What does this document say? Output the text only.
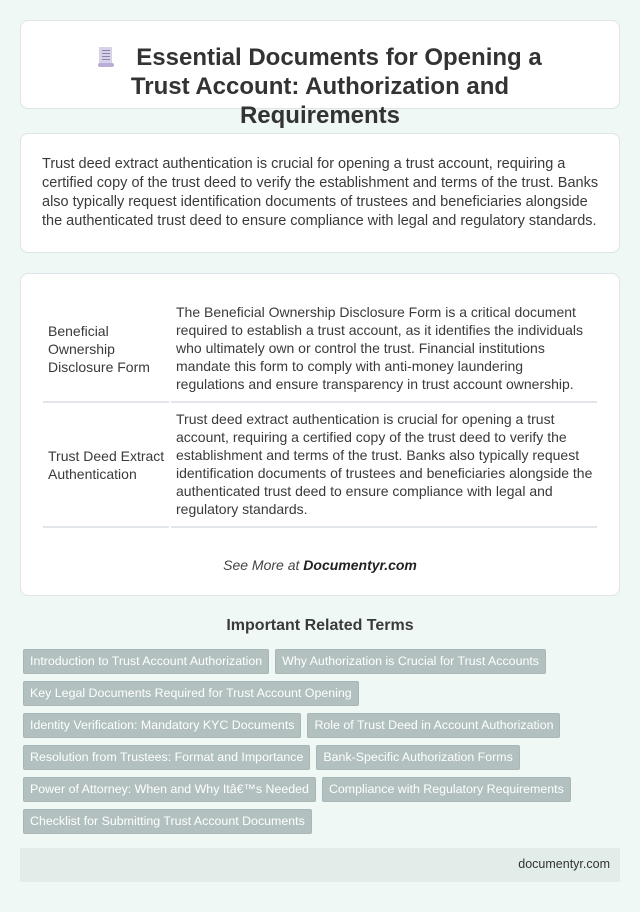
Essential Documents for Opening a Trust Account: Authorization and Requirements

Trust deed extract authentication is crucial for opening a trust account, requiring a certified copy of the trust deed to verify the establishment and terms of the trust. Banks also typically request identification documents of trustees and beneficiaries alongside the authenticated trust deed to ensure compliance with legal and regulatory standards.

Beneficial Ownership Disclosure Form	The Beneficial Ownership Disclosure Form is a critical document required to establish a trust account, as it identifies the individuals who ultimately own or control the trust. Financial institutions mandate this form to comply with anti-money laundering regulations and ensure transparency in trust account ownership.
Trust Deed Extract Authentication	Trust deed extract authentication is crucial for opening a trust account, requiring a certified copy of the trust deed to verify the establishment and terms of the trust. Banks also typically request identification documents of trustees and beneficiaries alongside the authenticated trust deed to ensure compliance with legal and regulatory standards.
See More at Documentyr.com
Important Related Terms
Introduction to Trust Account Authorization	Why Authorization is Crucial for Trust Accounts
Key Legal Documents Required for Trust Account Opening
Identity Verification: Mandatory KYC Documents	Role of Trust Deed in Account Authorization
Resolution from Trustees: Format and Importance	Bank-Specific Authorization Forms
Power of Attorney: When and Why Itâ€™s Needed	Compliance with Regulatory Requirements
Checklist for Submitting Trust Account Documents
documentyr.com
